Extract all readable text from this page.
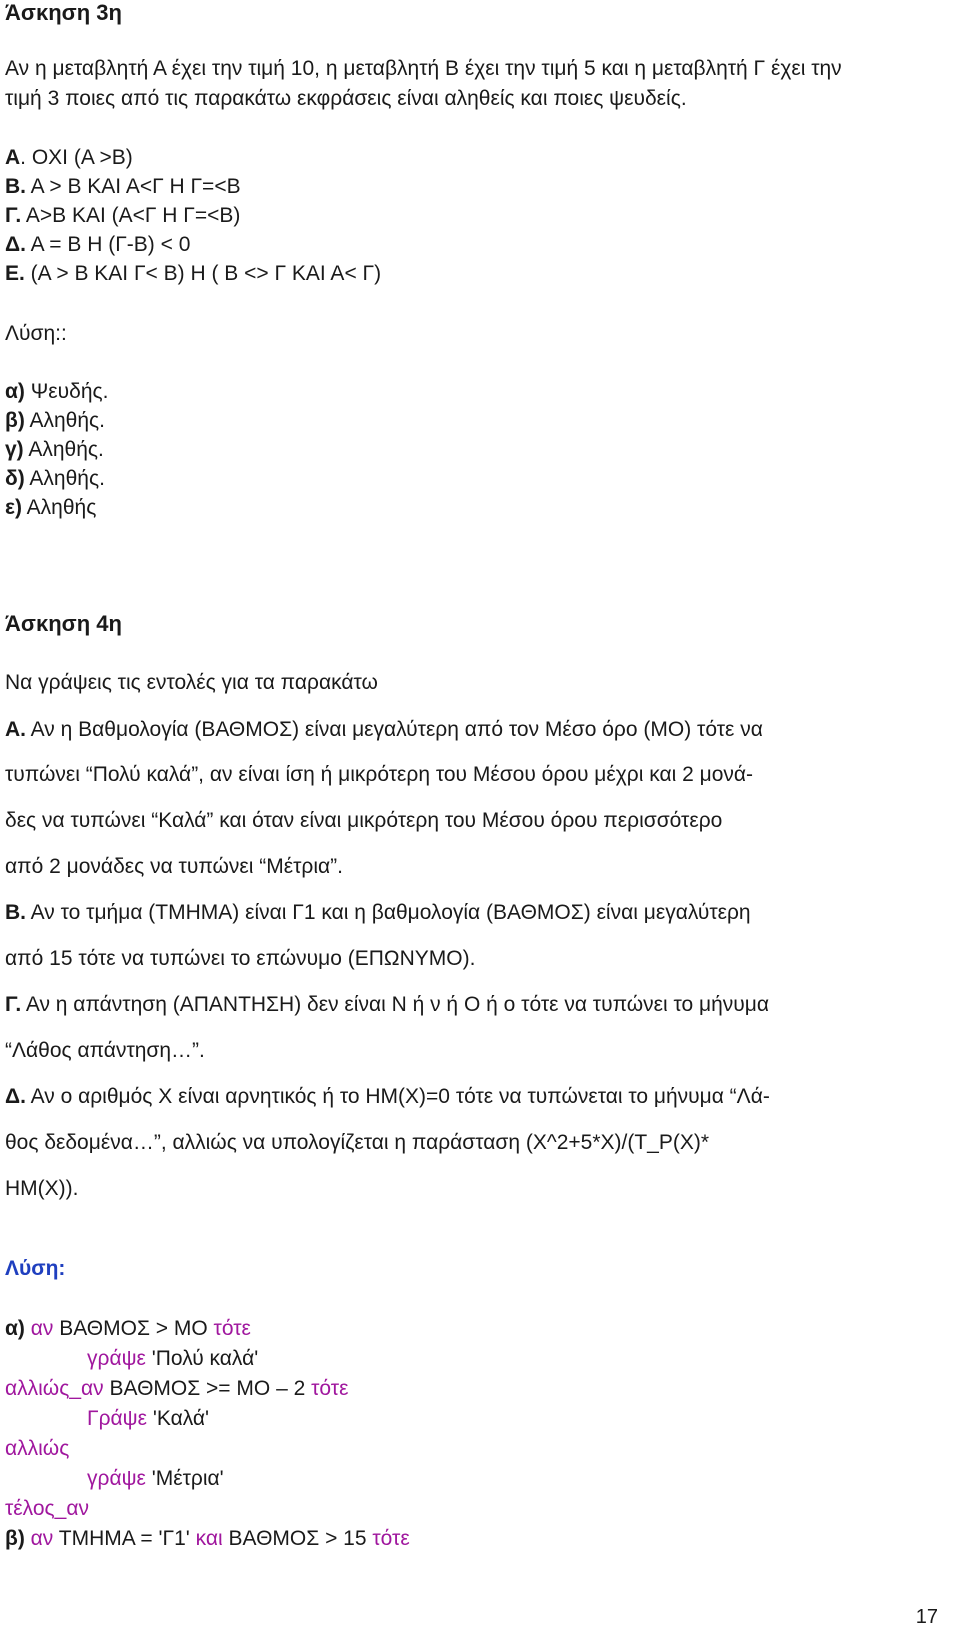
Άσκηση 3η

Αν η μεταβλητή Α έχει την τιμή 10, η μεταβλητή Β έχει την τιμή 5 και η μεταβλητή Γ έχει την

τιμή 3 ποιες από τις παρακάτω εκφράσεις είναι αληθείς και ποιες ψευδείς.

Α. ΟΧΙ (Α >Β)

Β. Α > Β ΚΑΙ Α<Γ Η Γ=<Β

Γ. Α>Β ΚΑΙ (Α<Γ Η Γ=<Β)

Δ. Α = Β Η (Γ-Β) < 0

Ε. (Α > Β ΚΑΙ Γ< Β) Η ( Β <> Γ ΚΑΙ Α< Γ)

Λύση::

α) Ψευδής.

β) Αληθής.

γ) Αληθής.

δ) Αληθής.

ε) Αληθής

Άσκηση 4η

Να γράψεις τις εντολές για τα παρακάτω

Α. Αν η Βαθμολογία (ΒΑΘΜΟΣ) είναι μεγαλύτερη από τον Μέσο όρο (ΜΟ) τότε να

τυπώνει “Πολύ καλά”, αν είναι ίση ή μικρότερη του Μέσου όρου μέχρι και 2 μονά-

δες να τυπώνει “Καλά” και όταν είναι μικρότερη του Μέσου όρου περισσότερο

από 2 μονάδες να τυπώνει “Μέτρια”.

Β. Αν το τμήμα (ΤΜΗΜΑ) είναι Γ1 και η βαθμολογία (ΒΑΘΜΟΣ) είναι μεγαλύτερη

από 15 τότε να τυπώνει το επώνυμο (ΕΠΩΝΥΜΟ).

Γ. Αν η απάντηση (ΑΠΑΝΤΗΣΗ) δεν είναι Ν ή ν ή Ο ή ο τότε να τυπώνει το μήνυμα

“Λάθος απάντηση…”.

Δ. Αν ο αριθμός Χ είναι αρνητικός ή το ΗΜ(Χ)=0 τότε να τυπώνεται το μήνυμα “Λά-

θος δεδομένα…”, αλλιώς να υπολογίζεται η παράσταση (Χ^2+5*Χ)/(Τ_Ρ(Χ)*

ΗΜ(Χ)).

Λύση:

α) αν ΒΑΘΜΟΣ > ΜΟ τότε

γράψε 'Πολύ καλά'

αλλιώς_αν ΒΑΘΜΟΣ >= ΜΟ – 2 τότε

Γράψε 'Καλά'

αλλιώς

γράψε 'Μέτρια'

τέλος_αν

β) αν ΤΜΗΜΑ = 'Γ1' και ΒΑΘΜΟΣ > 15 τότε

17
